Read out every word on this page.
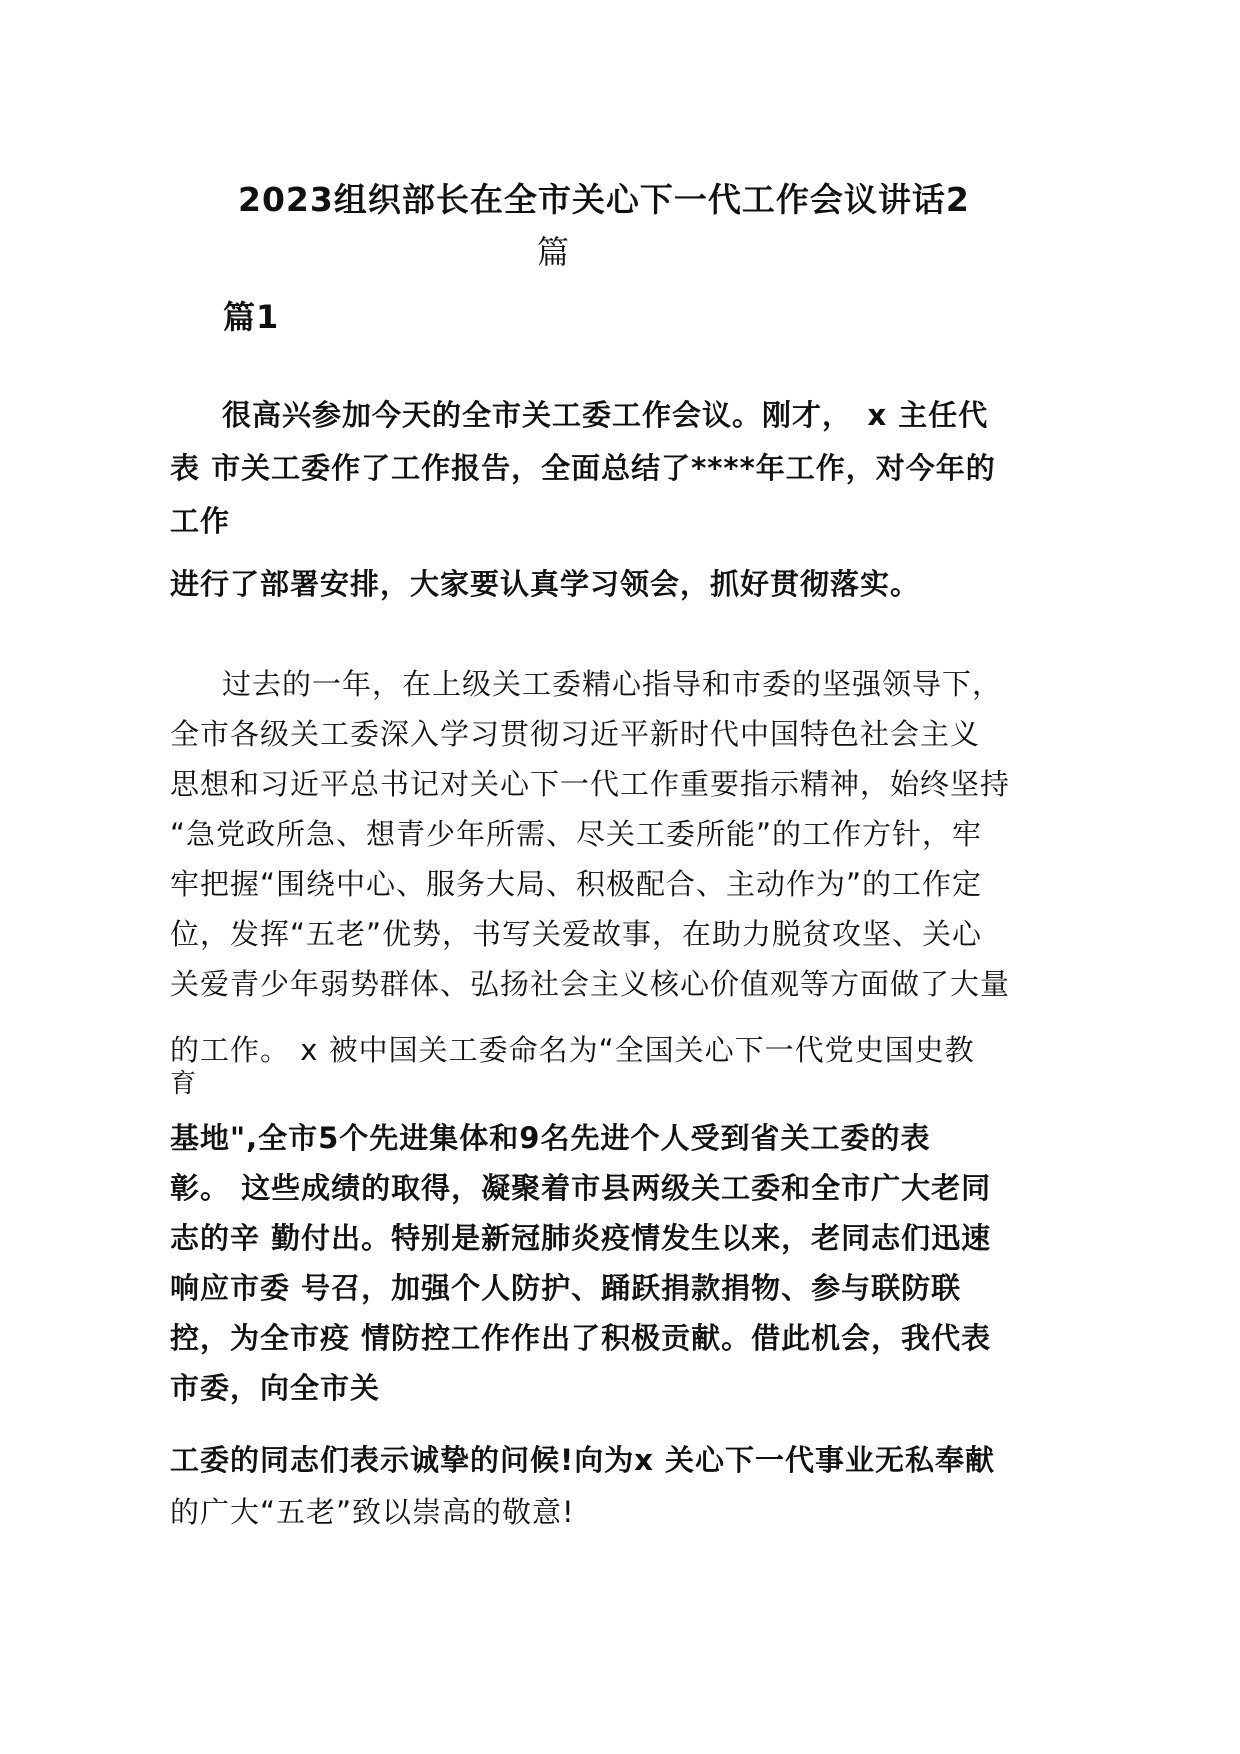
2023组织部长在全市关心下一代工作会议讲话2
篇
篇1
很高兴参加今天的全市关工委工作会议。刚才，　x 主任代
表 市关工委作了工作报告，全面总结了****年工作，对今年的
工作
进行了部署安排，大家要认真学习领会，抓好贯彻落实。
过去的一年，在上级关工委精心指导和市委的坚强领导下，
全市各级关工委深入学习贯彻习近平新时代中国特色社会主义
思想和习近平总书记对关心下一代工作重要指示精神，始终坚持
“急党政所急、想青少年所需、尽关工委所能”的工作方针，牢
牢把握“围绕中心、服务大局、积极配合、主动作为”的工作定
位，发挥“五老”优势，书写关爱故事，在助力脱贫攻坚、关心
关爱青少年弱势群体、弘扬社会主义核心价值观等方面做了大量
的工作。 x 被中国关工委命名为“全国关心下一代党史国史教
育
基地",全市5个先进集体和9名先进个人受到省关工委的表
彰。 这些成绩的取得，凝聚着市县两级关工委和全市广大老同
志的辛 勤付出。特别是新冠肺炎疫情发生以来，老同志们迅速
响应市委 号召，加强个人防护、踊跃捐款捐物、参与联防联
控，为全市疫 情防控工作作出了积极贡献。借此机会，我代表
市委，向全市关
工委的同志们表示诚挚的问候!向为x 关心下一代事业无私奉献
的广大“五老”致以崇高的敬意!
